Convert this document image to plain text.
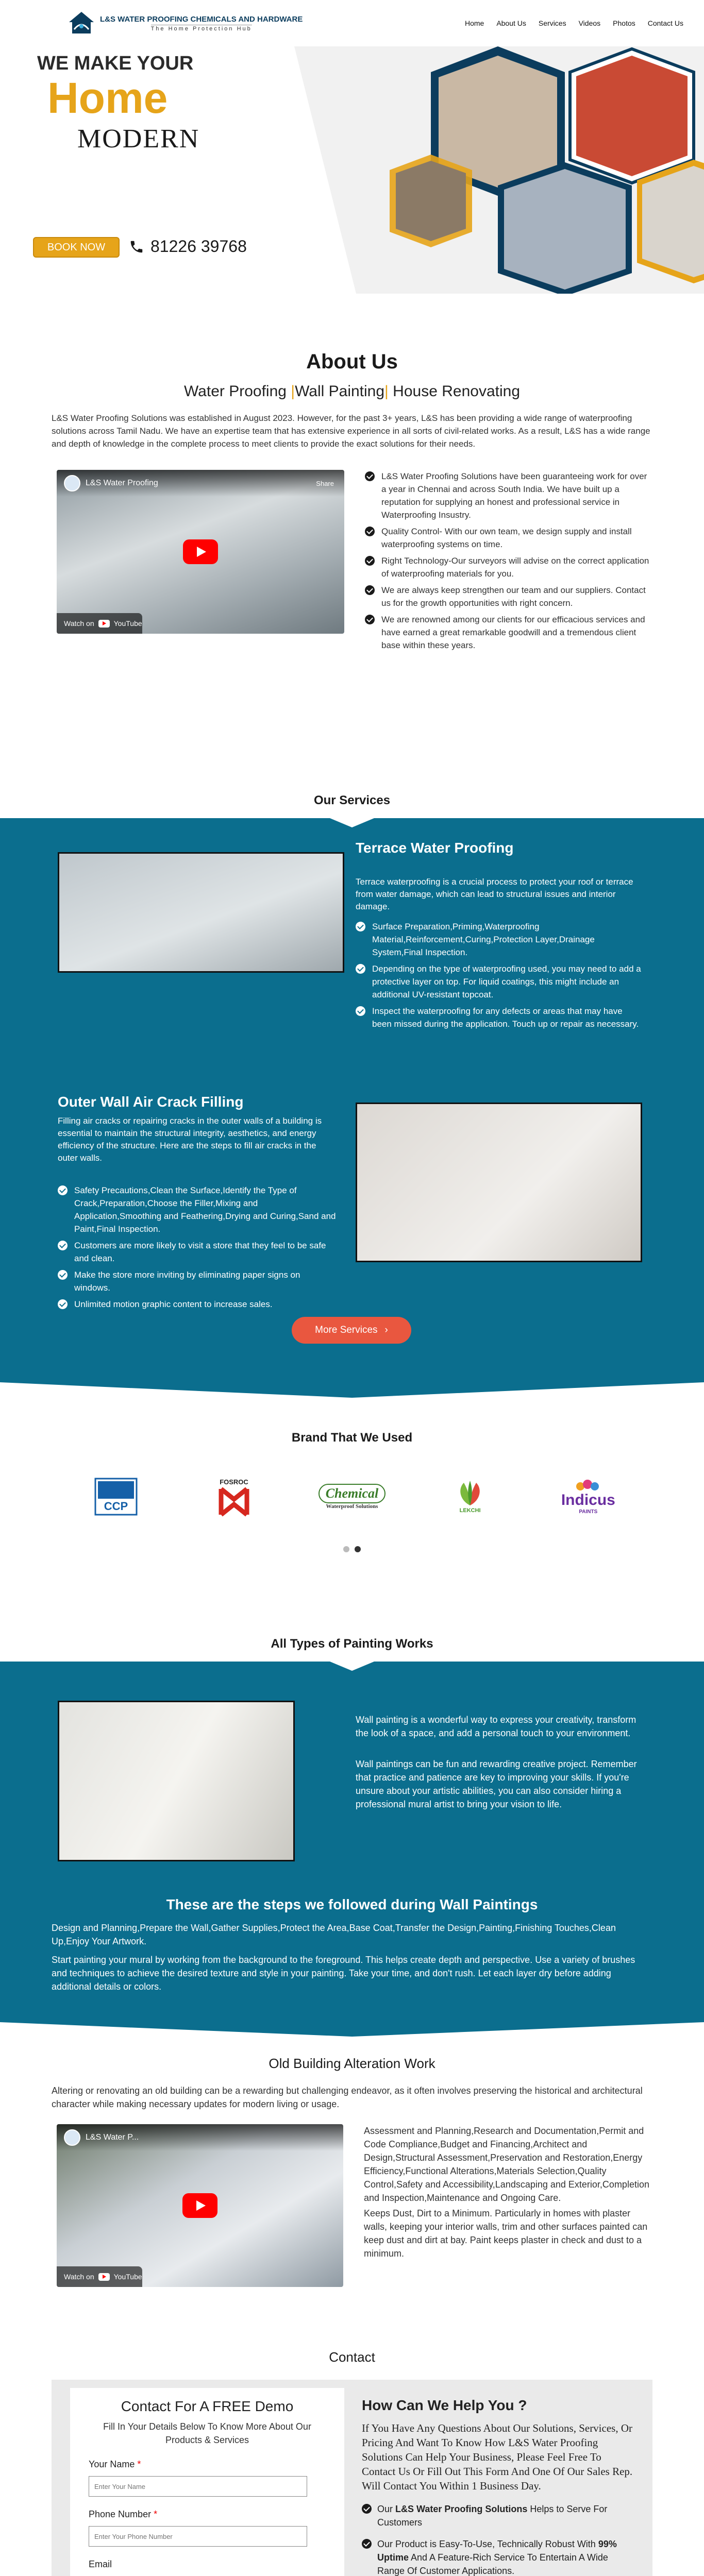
L&S WATER PROOFING CHEMICALS AND HARDWARE
The Home Protection Hub
Home About Us Services Videos Photos Contact Us
WE MAKE YOUR
Home
MODERN
BOOK NOW	81226 39768
About Us
Water Proofing |Wall Painting| House Renovating

L&S Water Proofing Solutions was established in August 2023. However, for the past 3+ years, L&S has been providing a wide range of waterproofing solutions across Tamil Nadu. We have an expertise team that has extensive experience in all sorts of civil-related works. As a result, L&S has a wide range and depth of knowledge in the complete process to meet clients to provide the exact solutions for their needs.

L&S Water Proofing	Share
Watch on	YouTube
L&S Water Proofing Solutions have been guaranteeing work for over a year in Chennai and across South India. We have built up a reputation for supplying an honest and professional service in Waterproofing Insustry.
Quality Control- With our own team, we design supply and install waterproofing systems on time.
Right Technology-Our surveyors will advise on the correct application of waterproofing materials for you.
We are always keep strengthen our team and our suppliers. Contact us for the growth opportunities with right concern.
We are renowned among our clients for our efficacious services and have earned a great remarkable goodwill and a tremendous client base within these years.
Our Services
Terrace Water Proofing
Terrace waterproofing is a crucial process to protect your roof or terrace from water damage, which can lead to structural issues and interior damage.
Surface Preparation,Priming,Waterproofing Material,Reinforcement,Curing,Protection Layer,Drainage System,Final Inspection.
Depending on the type of waterproofing used, you may need to add a protective layer on top. For liquid coatings, this might include an additional UV-resistant topcoat.
Inspect the waterproofing for any defects or areas that may have been missed during the application. Touch up or repair as necessary.
Outer Wall Air Crack Filling
Filling air cracks or repairing cracks in the outer walls of a building is essential to maintain the structural integrity, aesthetics, and energy efficiency of the structure. Here are the steps to fill air cracks in the outer walls.
Safety Precautions,Clean the Surface,Identify the Type of Crack,Preparation,Choose the Filler,Mixing and Application,Smoothing and Feathering,Drying and Curing,Sand and Paint,Final Inspection.
Customers are more likely to visit a store that they feel to be safe and clean.
Make the store more inviting by eliminating paper signs on windows.
Unlimited motion graphic content to increase sales.
More Services ›
Brand That We Used
CCP
FOSROC
Chemical
Waterproof Solutions
LEKCHI
Indicus
PAINTS
All Types of Painting Works

Wall painting is a wonderful way to express your creativity, transform the look of a space, and add a personal touch to your environment.

Wall paintings can be fun and rewarding creative project. Remember that practice and patience are key to improving your skills. If you're unsure about your artistic abilities, you can also consider hiring a professional mural artist to bring your vision to life.

These are the steps we followed during Wall Paintings

Design and Planning,Prepare the Wall,Gather Supplies,Protect the Area,Base Coat,Transfer the Design,Painting,Finishing Touches,Clean Up,Enjoy Your Artwork.

Start painting your mural by working from the background to the foreground. This helps create depth and perspective. Use a variety of brushes and techniques to achieve the desired texture and style in your painting. Take your time, and don't rush. Let each layer dry before adding additional details or colors.

Old Building Alteration Work

Altering or renovating an old building can be a rewarding but challenging endeavor, as it often involves preserving the historical and architectural character while making necessary updates for modern living or usage.

L&S Water P...
Watch on	YouTube

Assessment and Planning,Research and Documentation,Permit and Code Compliance,Budget and Financing,Architect and Design,Structural Assessment,Preservation and Restoration,Energy Efficiency,Functional Alterations,Materials Selection,Quality Control,Safety and Accessibility,Landscaping and Exterior,Completion and Inspection,Maintenance and Ongoing Care.

Keeps Dust, Dirt to a Minimum. Particularly in homes with plaster walls, keeping your interior walls, trim and other surfaces painted can keep dust and dirt at bay. Paint keeps plaster in check and dust to a minimum.

Contact
Contact For A FREE Demo
Fill In Your Details Below To Know More About Our Products & Services
Your Name *
Enter Your Name
Phone Number *
Enter Your Phone Number
Email

How Can We Help You ?

If You Have Any Questions About Our Solutions, Services, Or Pricing And Want To Know How L&S Water Proofing Solutions Can Help Your Business, Please Feel Free To Contact Us Or Fill Out This Form And One Of Our Sales Rep. Will Contact You Within 1 Business Day.

Our L&S Water Proofing Solutions Helps to Serve For Customers
Our Product is Easy-To-Use, Technically Robust With 99% Uptime And A Feature-Rich Service To Entertain A Wide Range Of Customer Applications.
